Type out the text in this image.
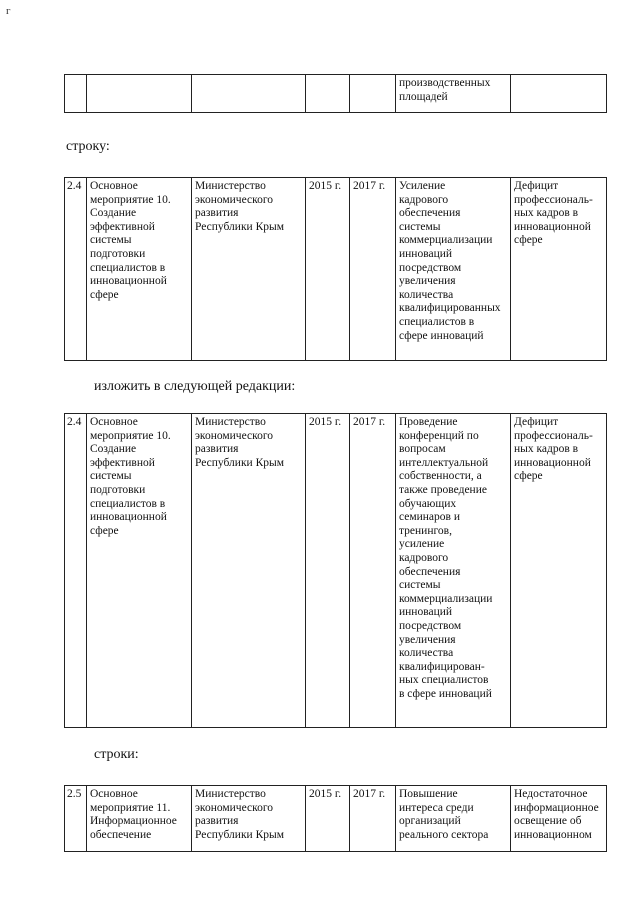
г
					производственных
площадей	
строку:
2.4	Основное
мероприятие 10.
Создание
эффективной
системы
подготовки
специалистов в
инновационной
сфере	Министерство
экономического
развития
Республики Крым	2015 г.	2017 г.	Усиление
кадрового
обеспечения
системы
коммерциализации
инноваций
посредством
увеличения
количества
квалифицированных
специалистов в
сфере инноваций	Дефицит
профессиональ-
ных кадров в
инновационной
сфере
изложить в следующей редакции:
2.4	Основное
мероприятие 10.
Создание
эффективной
системы
подготовки
специалистов в
инновационной
сфере	Министерство
экономического
развития
Республики Крым	2015 г.	2017 г.	Проведение
конференций по
вопросам
интеллектуальной
собственности, а
также проведение
обучающих
семинаров и
тренингов,
усиление
кадрового
обеспечения
системы
коммерциализации
инноваций
посредством
увеличения
количества
квалифицирован-
ных специалистов
в сфере инноваций	Дефицит
профессиональ-
ных кадров в
инновационной
сфере
строки:
2.5	Основное
мероприятие 11.
Информационное
обеспечение	Министерство
экономического
развития
Республики Крым	2015 г.	2017 г.	Повышение
интереса среди
организаций
реального сектора	Недостаточное
информационное
освещение об
инновационном
